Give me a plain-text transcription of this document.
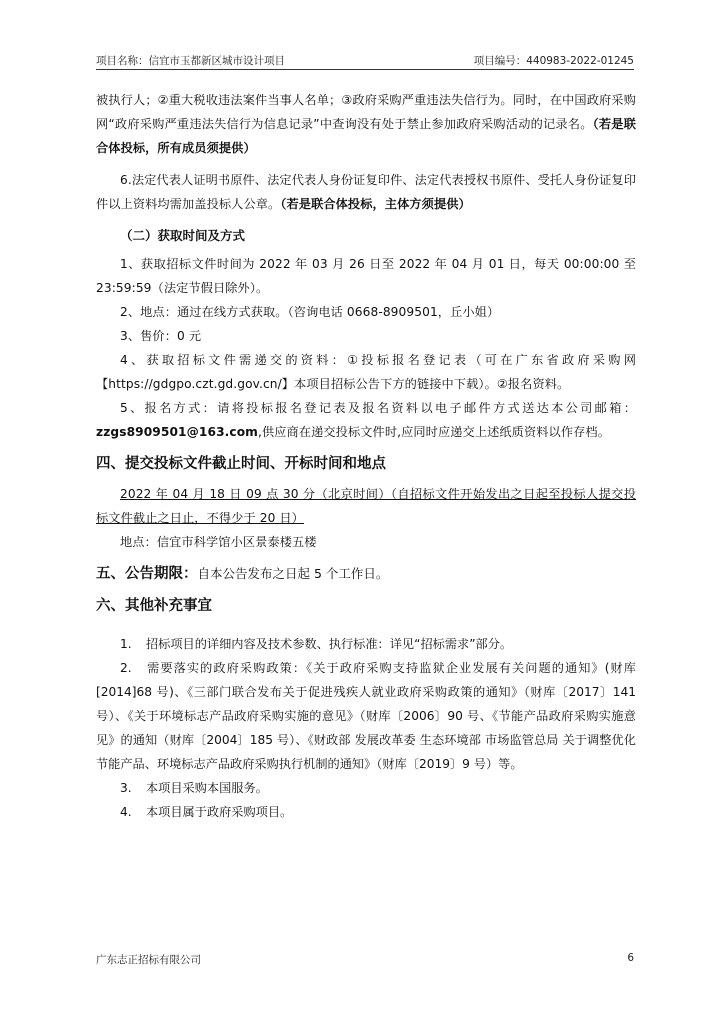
项目名称：信宜市玉都新区城市设计项目	项目编号：440983-2022-01245

被执行人；②重大税收违法案件当事人名单；③政府采购严重违法失信行为。同时，在中国政府采购网“政府采购严重违法失信行为信息记录”中查询没有处于禁止参加政府采购活动的记录名。（若是联合体投标，所有成员须提供）

6.法定代表人证明书原件、法定代表人身份证复印件、法定代表授权书原件、受托人身份证复印件以上资料均需加盖投标人公章。（若是联合体投标，主体方须提供）

（二）获取时间及方式

1、获取招标文件时间为 2022 年 03 月 26 日至 2022 年 04 月 01 日，每天 00:00:00 至23:59:59（法定节假日除外）。

2、地点：通过在线方式获取。（咨询电话 0668-8909501，丘小姐）

3、售价：0 元

4、获取招标文件需递交的资料：①投标报名登记表（可在广东省政府采购网【https://gdgpo.czt.gd.gov.cn/】本项目招标公告下方的链接中下载）。②报名资料。

5、报名方式：请将投标报名登记表及报名资料以电子邮件方式送达本公司邮箱：zzgs8909501@163.com,供应商在递交投标文件时,应同时应递交上述纸质资料以作存档。

四、提交投标文件截止时间、开标时间和地点

2022 年 04 月 18 日 09 点 30 分（北京时间）（自招标文件开始发出之日起至投标人提交投标文件截止之日止，不得少于 20 日）

地点：信宜市科学馆小区景泰楼五楼

五、公告期限：自本公告发布之日起 5 个工作日。

六、其他补充事宜

1. 招标项目的详细内容及技术参数、执行标准：详见“招标需求”部分。

2. 需要落实的政府采购政策：《关于政府采购支持监狱企业发展有关问题的通知》(财库[2014]68 号)、《三部门联合发布关于促进残疾人就业政府采购政策的通知》（财库〔2017〕141 号）、《关于环境标志产品政府采购实施的意见》（财库〔2006〕90 号、《节能产品政府采购实施意见》的通知（财库〔2004〕185 号）、《财政部 发展改革委 生态环境部 市场监管总局 关于调整优化节能产品、环境标志产品政府采购执行机制的通知》（财库〔2019〕9 号）等。

3. 本项目采购本国服务。

4. 本项目属于政府采购项目。

广东志正招标有限公司	6
